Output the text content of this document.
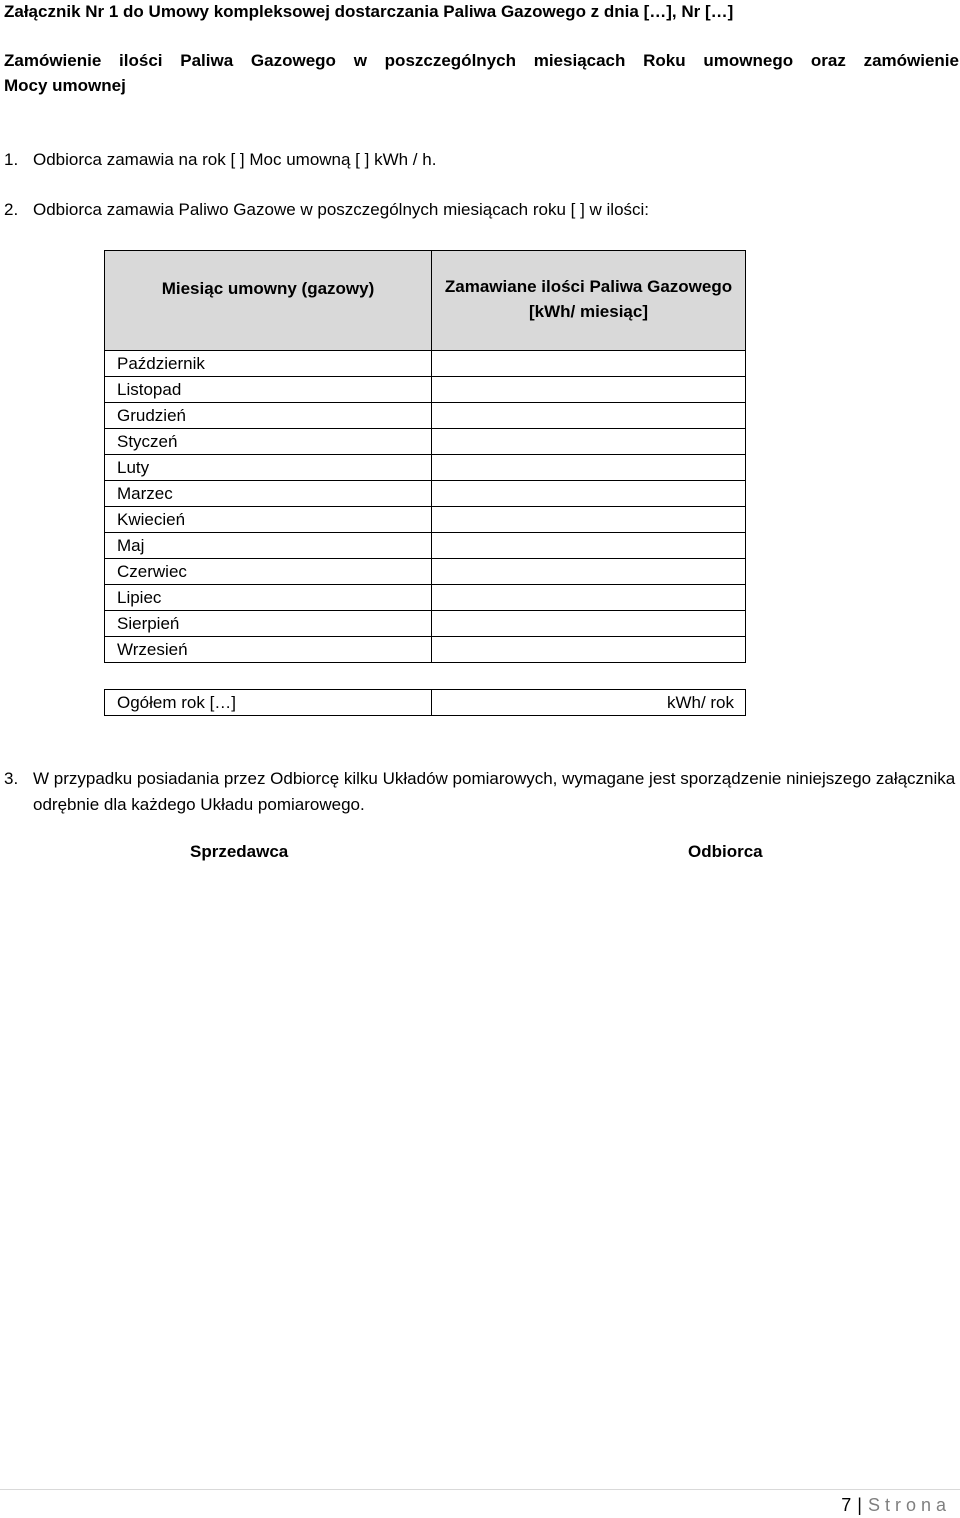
Załącznik Nr 1 do Umowy kompleksowej dostarczania Paliwa Gazowego z dnia […], Nr […]
Zamówienie ilości Paliwa Gazowego w poszczególnych miesiącach Roku umownego oraz zamówienie
Mocy umownej
1. Odbiorca zamawia na rok [ ] Moc umowną [ ] kWh / h.
2. Odbiorca zamawia Paliwo Gazowe w poszczególnych miesiącach roku [ ] w ilości:
Miesiąc umowny (gazowy)	Zamawiane ilości Paliwa Gazowego [kWh/ miesiąc]
Październik
Listopad
Grudzień
Styczeń
Luty
Marzec
Kwiecień
Maj
Czerwiec
Lipiec
Sierpień
Wrzesień
Ogółem rok […]	kWh/ rok
3. W przypadku posiadania przez Odbiorcę kilku Układów pomiarowych, wymagane jest sporządzenie niniejszego załącznika odrębnie dla każdego Układu pomiarowego.
Sprzedawca	Odbiorca
7 | Strona
